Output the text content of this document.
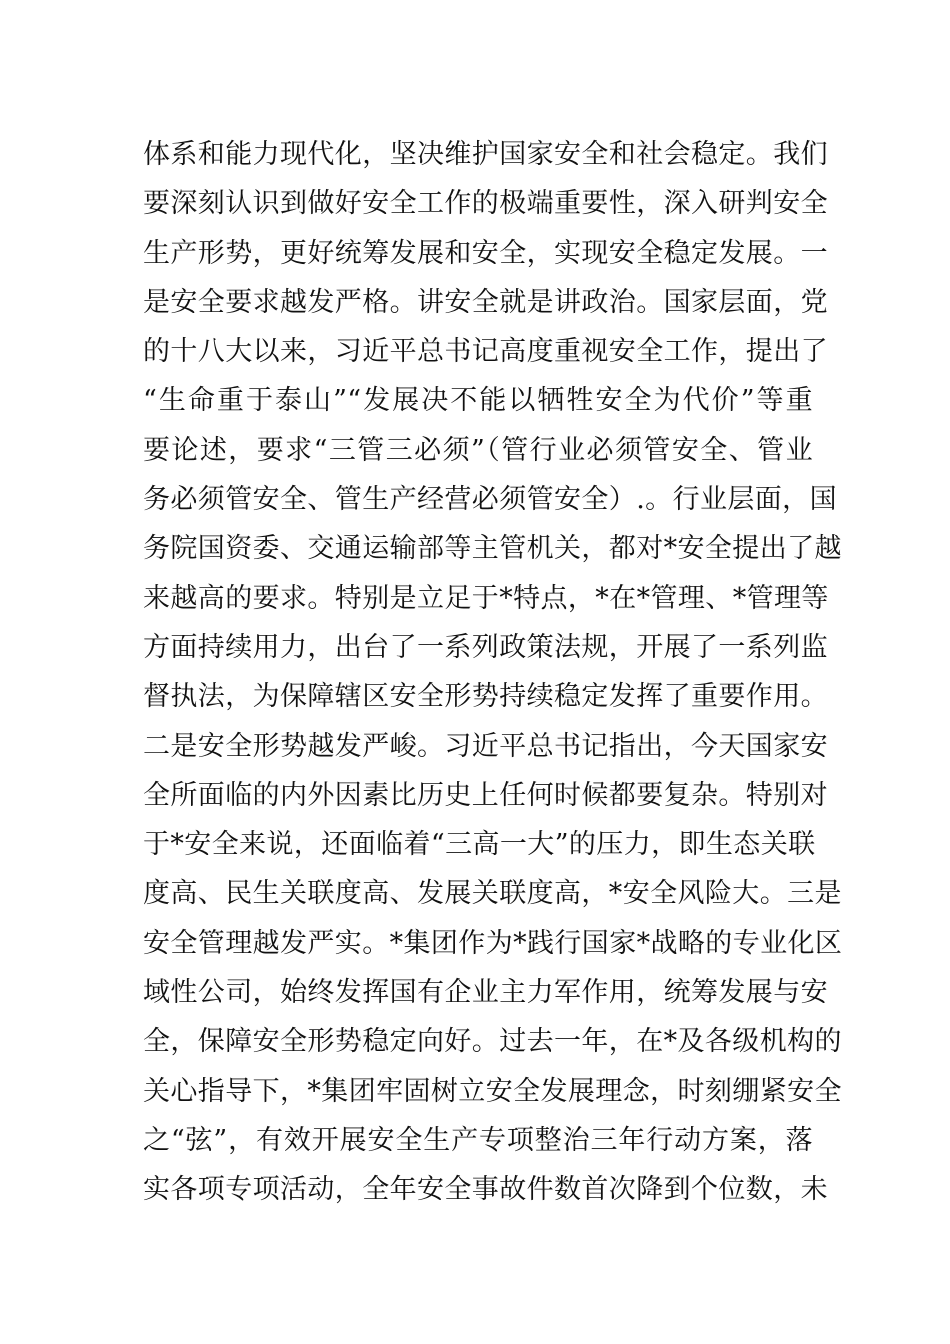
体系和能力现代化，坚决维护国家安全和社会稳定。我们
要深刻认识到做好安全工作的极端重要性，深入研判安全
生产形势，更好统筹发展和安全，实现安全稳定发展。一
是安全要求越发严格。讲安全就是讲政治。国家层面，党
的十八大以来，习近平总书记高度重视安全工作，提出了
“生命重于泰山”“发展决不能以牺牲安全为代价”等重
要论述，要求“三管三必须”（管行业必须管安全、管业
务必须管安全、管生产经营必须管安全）.。行业层面，国
务院国资委、交通运输部等主管机关，都对*安全提出了越
来越高的要求。特别是立足于*特点，*在*管理、*管理等
方面持续用力，出台了一系列政策法规，开展了一系列监
督执法，为保障辖区安全形势持续稳定发挥了重要作用。
二是安全形势越发严峻。习近平总书记指出，今天国家安
全所面临的内外因素比历史上任何时候都要复杂。特别对
于*安全来说，还面临着“三高一大”的压力，即生态关联
度高、民生关联度高、发展关联度高，*安全风险大。三是
安全管理越发严实。*集团作为*践行国家*战略的专业化区
域性公司，始终发挥国有企业主力军作用，统筹发展与安
全，保障安全形势稳定向好。过去一年，在*及各级机构的
关心指导下，*集团牢固树立安全发展理念，时刻绷紧安全
之“弦”，有效开展安全生产专项整治三年行动方案，落
实各项专项活动，全年安全事故件数首次降到个位数，未
